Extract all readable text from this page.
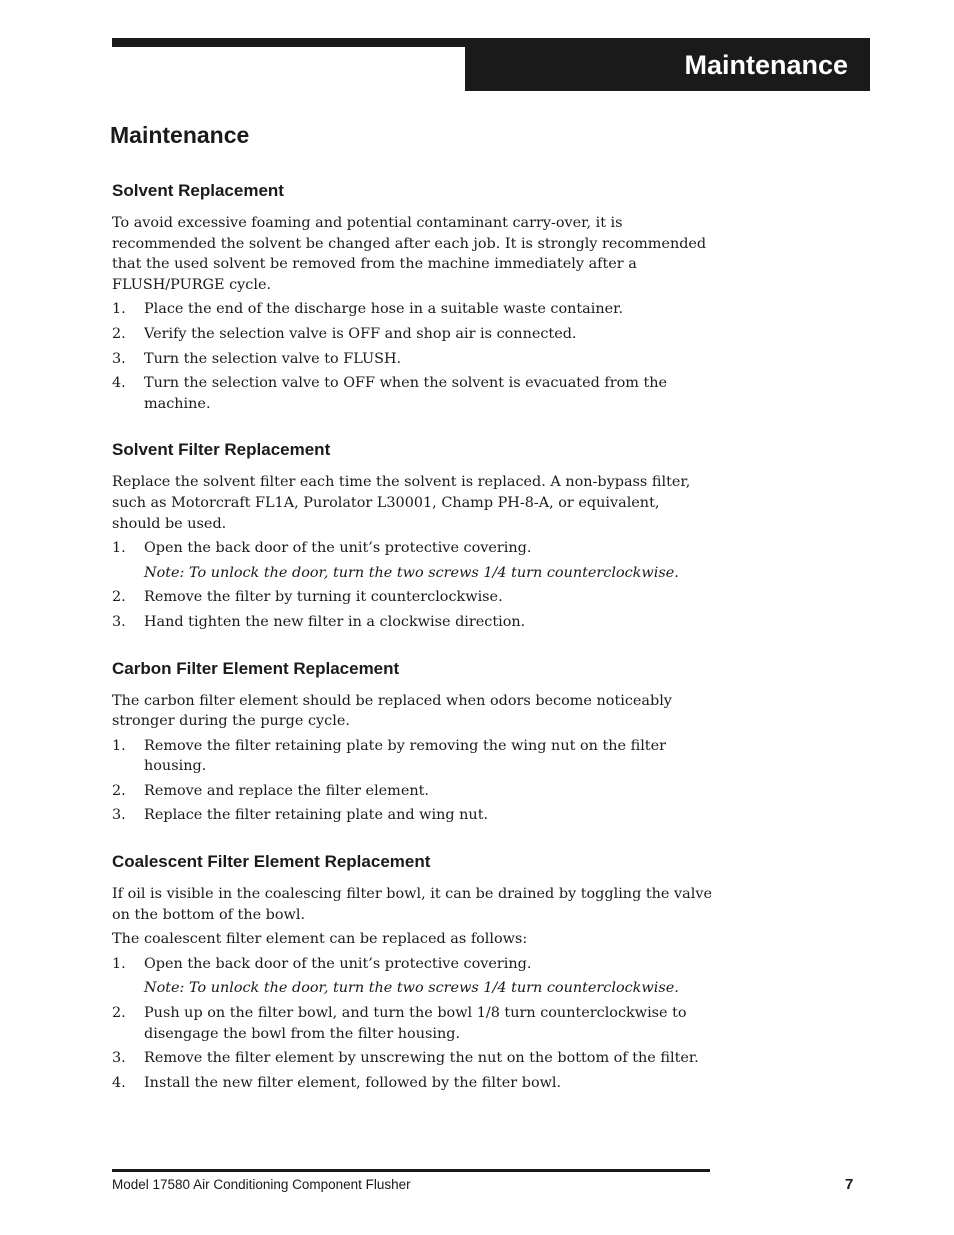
Maintenance
Maintenance
Solvent Replacement

To avoid excessive foaming and potential contaminant carry-over, it is recommended the solvent be changed after each job. It is strongly recommended that the used solvent be removed from the machine immediately after a FLUSH/PURGE cycle.

1. Place the end of the discharge hose in a suitable waste container.
2. Verify the selection valve is OFF and shop air is connected.
3. Turn the selection valve to FLUSH.
4. Turn the selection valve to OFF when the solvent is evacuated from the machine.
Solvent Filter Replacement

Replace the solvent filter each time the solvent is replaced. A non-bypass filter, such as Motorcraft FL1A, Purolator L30001, Champ PH-8-A, or equivalent, should be used.

1. Open the back door of the unit’s protective covering.
Note: To unlock the door, turn the two screws 1/4 turn counterclockwise.
2. Remove the filter by turning it counterclockwise.
3. Hand tighten the new filter in a clockwise direction.
Carbon Filter Element Replacement

The carbon filter element should be replaced when odors become noticeably stronger during the purge cycle.

1. Remove the filter retaining plate by removing the wing nut on the filter housing.
2. Remove and replace the filter element.
3. Replace the filter retaining plate and wing nut.
Coalescent Filter Element Replacement

If oil is visible in the coalescing filter bowl, it can be drained by toggling the valve on the bottom of the bowl.

The coalescent filter element can be replaced as follows:

1. Open the back door of the unit’s protective covering.
Note: To unlock the door, turn the two screws 1/4 turn counterclockwise.
2. Push up on the filter bowl, and turn the bowl 1/8 turn counterclockwise to disengage the bowl from the filter housing.
3. Remove the filter element by unscrewing the nut on the bottom of the filter.
4. Install the new filter element, followed by the filter bowl.
Model 17580 Air Conditioning Component Flusher	7
